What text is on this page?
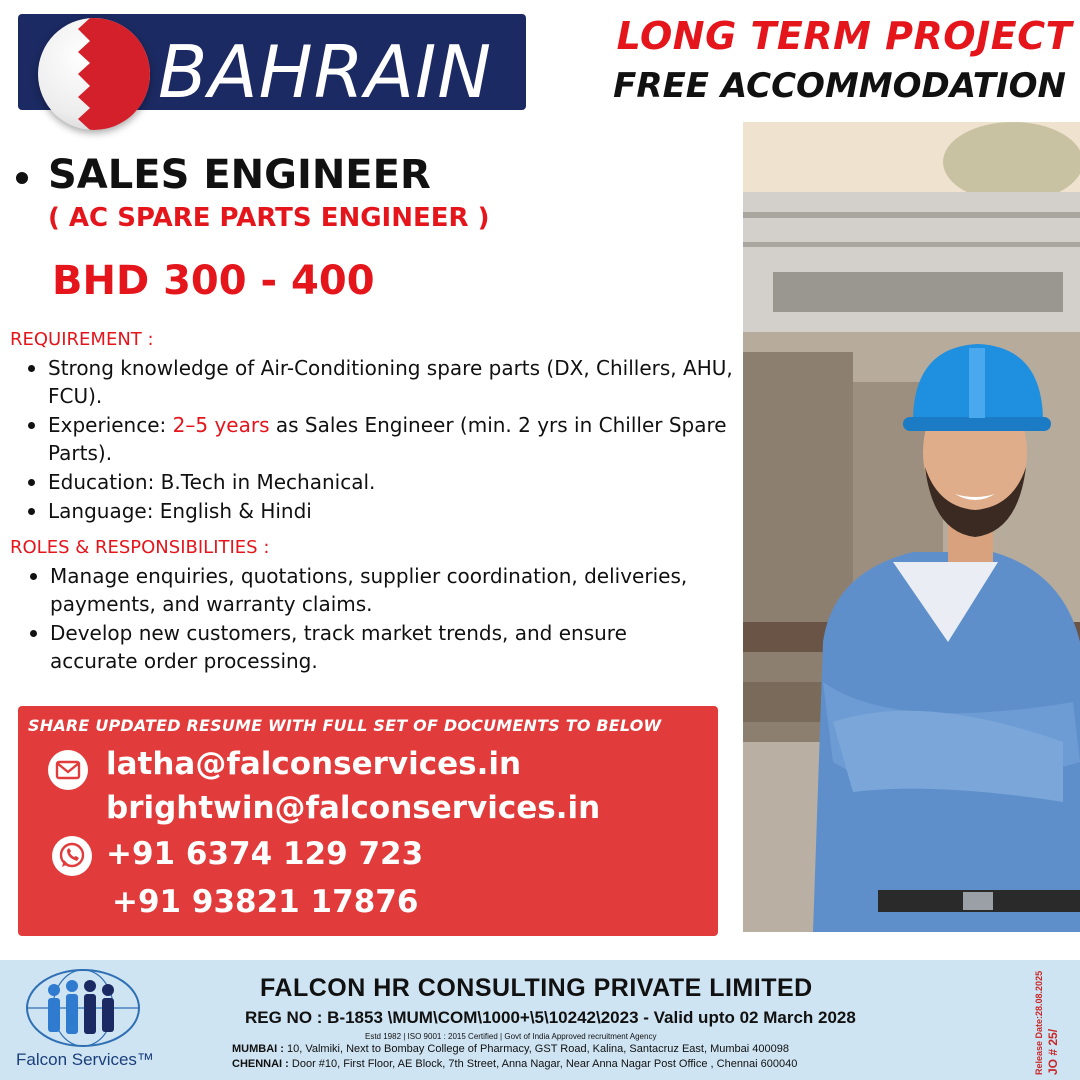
BAHRAIN	LONG TERM PROJECT
FREE ACCOMMODATION
SALES ENGINEER
( AC SPARE PARTS ENGINEER )
BHD 300 - 400
REQUIREMENT :
Strong knowledge of Air-Conditioning spare parts (DX, Chillers, AHU, FCU).
Experience: 2–5 years as Sales Engineer (min. 2 yrs in Chiller Spare Parts).
Education: B.Tech in Mechanical.
Language: English & Hindi
ROLES & RESPONSIBILITIES :
Manage enquiries, quotations, supplier coordination, deliveries, payments, and warranty claims.
Develop new customers, track market trends, and ensure accurate order processing.
SHARE UPDATED RESUME WITH FULL SET OF DOCUMENTS TO BELOW
latha@falconservices.in
brightwin@falconservices.in
+91 6374 129 723
+91 93821 17876
Falcon Services™
FALCON HR CONSULTING PRIVATE LIMITED
REG NO : B-1853 \MUM\COM\1000+\5\10242\2023 - Valid upto 02 March 2028
Estd 1982 | ISO 9001 : 2015 Certified | Govt of India Approved recruitment Agency
MUMBAI : 10, Valmiki, Next to Bombay College of Pharmacy, GST Road, Kalina, Santacruz East, Mumbai 400098
CHENNAI : Door #10, First Floor, AE Block, 7th Street, Anna Nagar, Near Anna Nagar Post Office , Chennai 600040	Release Date:28.08.2025 JO # 25/
